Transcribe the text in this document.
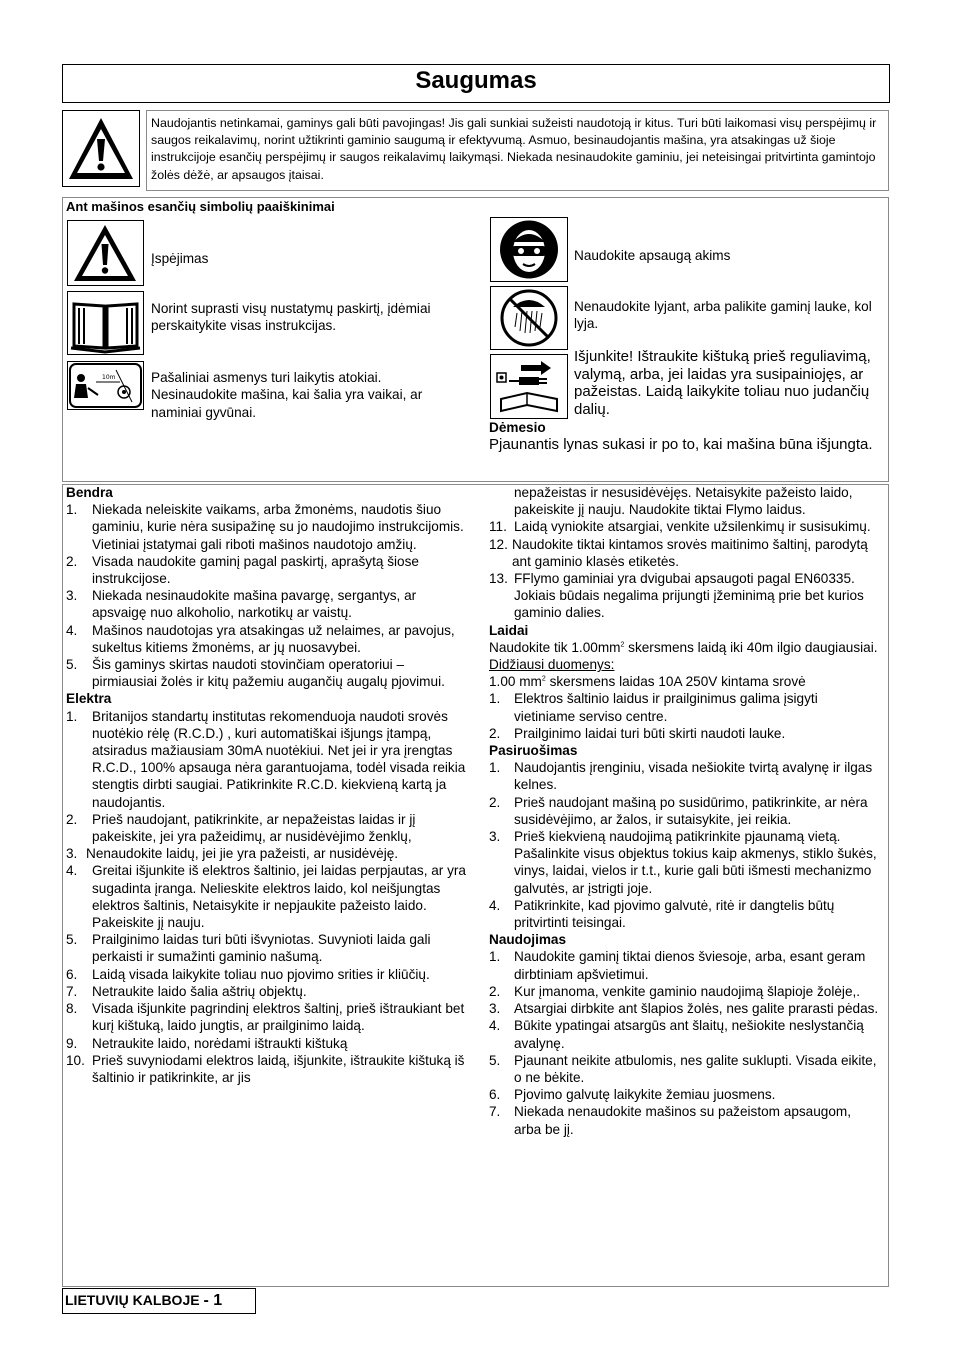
Saugumas
Naudojantis netinkamai, gaminys gali būti pavojingas! Jis gali sunkiai sužeisti naudotoją ir kitus. Turi būti laikomasi visų perspėjimų ir saugos reikalavimų, norint užtikrinti gaminio saugumą ir efektyvumą. Asmuo, besinaudojantis mašina, yra atsakingas už šioje instrukcijoje esančių perspėjimų ir saugos reikalavimų laikymąsi. Niekada nesinaudokite gaminiu, jei neteisingai pritvirtinta gamintojo žolės dėžė, ar apsaugos įtaisai.
Ant mašinos esančių simbolių paaiškinimai
Įspėjimas
Norint suprasti visų nustatymų paskirtį, įdėmiai perskaitykite visas instrukcijas.
10m	Pašaliniai asmenys turi laikytis atokiai. Nesinaudokite mašina, kai šalia yra vaikai, ar naminiai gyvūnai.
Naudokite apsaugą akims
Nenaudokite lyjant, arba palikite gaminį lauke, kol lyja.
Išjunkite! Ištraukite kištuką prieš reguliavimą, valymą, arba, jei laidas yra susipainiojęs, ar pažeistas. Laidą laikykite toliau nuo judančių dalių.
Dėmesio
Pjaunantis lynas sukasi ir po to, kai mašina būna išjungta.
Bendra
1.	Niekada neleiskite vaikams, arba žmonėms, naudotis šiuo gaminiu, kurie nėra susipažinę su jo naudojimo instrukcijomis. Vietiniai įstatymai gali riboti mašinos naudotojo amžių.
2.	Visada naudokite gaminį pagal paskirtį, aprašytą šiose instrukcijose.
3.	Niekada nesinaudokite mašina pavargę, sergantys, ar apsvaigę nuo alkoholio, narkotikų ar vaistų.
4.	Mašinos naudotojas yra atsakingas už nelaimes, ar pavojus, sukeltus kitiems žmonėms, ar jų nuosavybei.
5.	Šis gaminys skirtas naudoti stovinčiam operatoriui – pirmiausiai žolės ir kitų pažemiu augančių augalų pjovimui.
Elektra
1.	Britanijos standartų institutas rekomenduoja naudoti srovės nuotėkio rėlę (R.C.D.) , kuri automatiškai išjungs įtampą, atsiradus mažiausiam 30mA nuotėkiui. Net jei ir yra įrengtas R.C.D., 100% apsauga nėra garantuojama, todėl visada reikia stengtis dirbti saugiai. Patikrinkite R.C.D. kiekvieną kartą ja naudojantis.
2.	Prieš naudojant, patikrinkite, ar nepažeistas laidas ir jį pakeiskite, jei yra pažeidimų, ar nusidėvėjimo ženklų,
3. Nenaudokite laidų, jei jie yra pažeisti, ar nusidėvėję.
4.	Greitai išjunkite iš elektros šaltinio, jei laidas perpjautas, ar yra sugadinta įranga. Nelieskite elektros laido, kol neišjungtas elektros šaltinis, Netaisykite ir nepjaukite pažeisto laido. Pakeiskite jį nauju.
5.	Prailginimo laidas turi būti išvyniotas. Suvynioti laida gali perkaisti ir sumažinti gaminio našumą.
6.	Laidą visada laikykite toliau nuo pjovimo srities ir kliūčių.
7.	Netraukite laido šalia aštrių objektų.
8.	Visada išjunkite pagrindinį elektros šaltinį, prieš ištraukiant bet kurį kištuką, laido jungtis, ar prailginimo laidą.
9.	Netraukite laido, norėdami ištraukti kištuką
10. Prieš suvyniodami elektros laidą, išjunkite, ištraukite kištuką iš šaltinio ir patikrinkite, ar jis
nepažeistas ir nesusidėvėjęs. Netaisykite pažeisto laido, pakeiskite jį nauju. Naudokite tiktai Flymo laidus.
11. Laidą vyniokite atsargiai, venkite užsilenkimų ir susisukimų.
12. Naudokite tiktai kintamos srovės maitinimo šaltinį, parodytą ant gaminio klasės etiketės.
13. FFlymo gaminiai yra dvigubai apsaugoti pagal EN60335. Jokiais būdais negalima prijungti įžeminimą prie bet kurios gaminio dalies.
Laidai
Naudokite tik $1.00mm^2$ skersmens laidą iki 40m ilgio daugiausiai.
Didžiausi duomenys:
1.00 $mm^2$ skersmens laidas 10A 250V kintama srovė
1.	Elektros šaltinio laidus ir prailginimus galima įsigyti vietiniame serviso centre.
2.	Prailginimo laidai turi būti skirti naudoti lauke.
Pasiruošimas
1.	Naudojantis įrenginiu, visada nešiokite tvirtą avalynę ir ilgas kelnes.
2.	Prieš naudojant mašiną po susidūrimo, patikrinkite, ar nėra susidėvėjimo, ar žalos, ir sutaisykite, jei reikia.
3.	Prieš kiekvieną naudojimą patikrinkite pjaunamą vietą. Pašalinkite visus objektus tokius kaip akmenys, stiklo šukės, vinys, laidai, vielos ir t.t., kurie gali būti išmesti mechanizmo galvutės, ar įstrigti joje.
4.	Patikrinkite, kad pjovimo galvutė, ritė ir dangtelis būtų pritvirtinti teisingai.
Naudojimas
1.	Naudokite gaminį tiktai dienos šviesoje, arba, esant geram dirbtiniam apšvietimui.
2.	Kur įmanoma, venkite gaminio naudojimą šlapioje žolėje,.
3.	Atsargiai dirbkite ant šlapios žolės, nes galite prarasti pėdas.
4.	Būkite ypatingai atsargūs ant šlaitų, nešiokite neslystančią avalynę.
5.	Pjaunant neikite atbulomis, nes galite suklupti. Visada eikite, o ne bėkite.
6.	Pjovimo galvutę laikykite žemiau juosmens.
7.	Niekada nenaudokite mašinos su pažeistom apsaugom, arba be jį.
LIETUVIŲ KALBOJE - 1
